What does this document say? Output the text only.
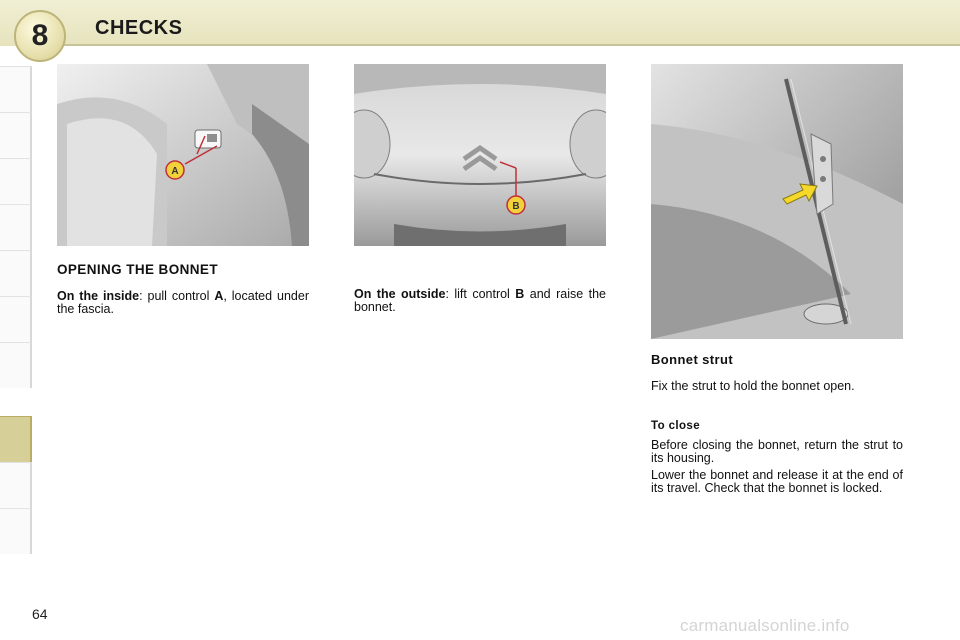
8 CHECKS
A
B
OPENING THE BONNET
On the inside: pull control A, located under the fascia.
On the outside: lift control B and raise the bonnet.
Bonnet strut
Fix the strut to hold the bonnet open.
To close
Before closing the bonnet, return the strut to its housing.
Lower the bonnet and release it at the end of its travel. Check that the bonnet is locked.
64
carmanualsonline.info
